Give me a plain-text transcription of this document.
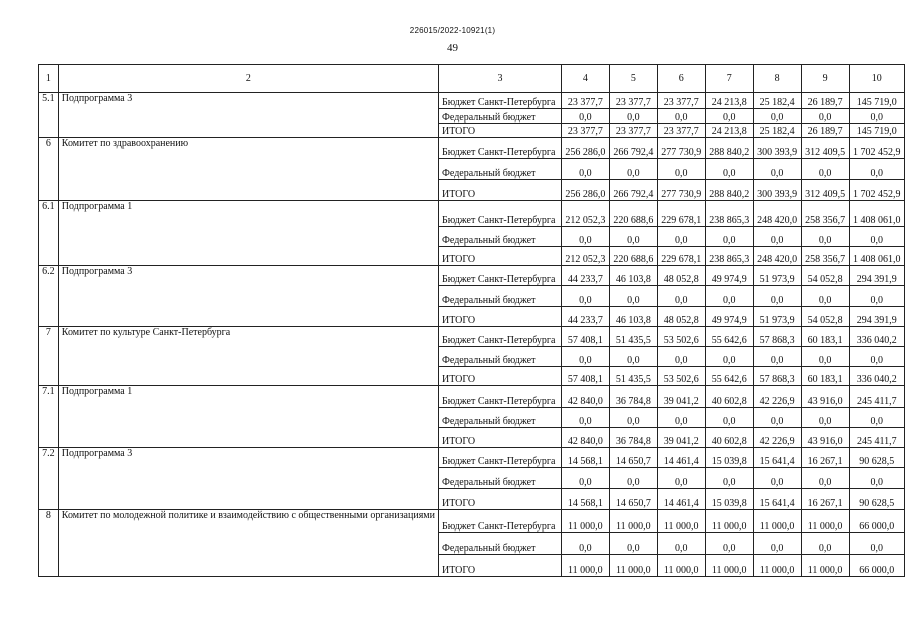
226015/2022-10921(1)
49
1	2	3	4	5	6	7	8	9	10
5.1	Подпрограмма 3	Бюджет Санкт-Петербурга	23 377,7	23 377,7	23 377,7	24 213,8	25 182,4	26 189,7	145 719,0
		Федеральный бюджет	0,0	0,0	0,0	0,0	0,0	0,0	0,0
		ИТОГО	23 377,7	23 377,7	23 377,7	24 213,8	25 182,4	26 189,7	145 719,0
6	Комитет по здравоохранению	Бюджет Санкт-Петербурга	256 286,0	266 792,4	277 730,9	288 840,2	300 393,9	312 409,5	1 702 452,9
		Федеральный бюджет	0,0	0,0	0,0	0,0	0,0	0,0	0,0
		ИТОГО	256 286,0	266 792,4	277 730,9	288 840,2	300 393,9	312 409,5	1 702 452,9
6.1	Подпрограмма 1	Бюджет Санкт-Петербурга	212 052,3	220 688,6	229 678,1	238 865,3	248 420,0	258 356,7	1 408 061,0
		Федеральный бюджет	0,0	0,0	0,0	0,0	0,0	0,0	0,0
		ИТОГО	212 052,3	220 688,6	229 678,1	238 865,3	248 420,0	258 356,7	1 408 061,0
6.2	Подпрограмма 3	Бюджет Санкт-Петербурга	44 233,7	46 103,8	48 052,8	49 974,9	51 973,9	54 052,8	294 391,9
		Федеральный бюджет	0,0	0,0	0,0	0,0	0,0	0,0	0,0
		ИТОГО	44 233,7	46 103,8	48 052,8	49 974,9	51 973,9	54 052,8	294 391,9
7	Комитет по культуре Санкт-Петербурга	Бюджет Санкт-Петербурга	57 408,1	51 435,5	53 502,6	55 642,6	57 868,3	60 183,1	336 040,2
		Федеральный бюджет	0,0	0,0	0,0	0,0	0,0	0,0	0,0
		ИТОГО	57 408,1	51 435,5	53 502,6	55 642,6	57 868,3	60 183,1	336 040,2
7.1	Подпрограмма 1	Бюджет Санкт-Петербурга	42 840,0	36 784,8	39 041,2	40 602,8	42 226,9	43 916,0	245 411,7
		Федеральный бюджет	0,0	0,0	0,0	0,0	0,0	0,0	0,0
		ИТОГО	42 840,0	36 784,8	39 041,2	40 602,8	42 226,9	43 916,0	245 411,7
7.2	Подпрограмма 3	Бюджет Санкт-Петербурга	14 568,1	14 650,7	14 461,4	15 039,8	15 641,4	16 267,1	90 628,5
		Федеральный бюджет	0,0	0,0	0,0	0,0	0,0	0,0	0,0
		ИТОГО	14 568,1	14 650,7	14 461,4	15 039,8	15 641,4	16 267,1	90 628,5
8	Комитет по молодежной политике и взаимодействию с общественными организациями	Бюджет Санкт-Петербурга	11 000,0	11 000,0	11 000,0	11 000,0	11 000,0	11 000,0	66 000,0
		Федеральный бюджет	0,0	0,0	0,0	0,0	0,0	0,0	0,0
		ИТОГО	11 000,0	11 000,0	11 000,0	11 000,0	11 000,0	11 000,0	66 000,0
